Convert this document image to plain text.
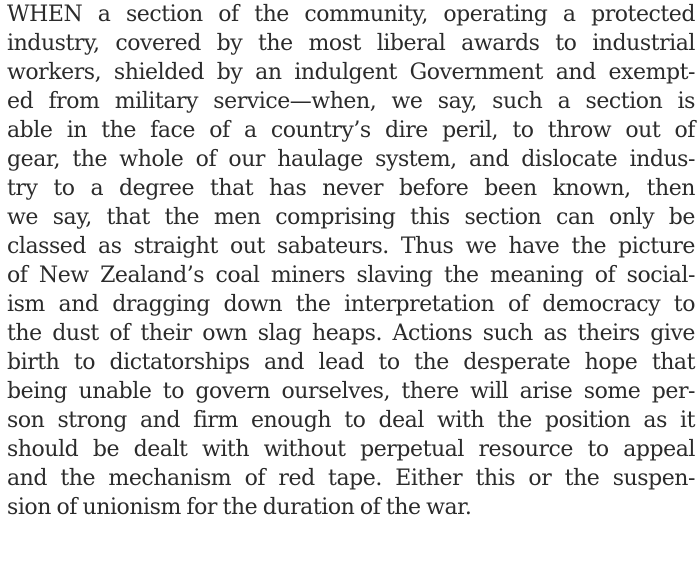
WHEN a section of the community, operating a protected
industry, covered by the most liberal awards to industrial
workers, shielded by an indulgent Government and exempt-
ed from military service—when, we say, such a section is
able in the face of a country’s dire peril, to throw out of
gear, the whole of our haulage system, and dislocate indus-
try to a degree that has never before been known, then
we say, that the men comprising this section can only be
classed as straight out sabateurs. Thus we have the picture
of New Zealand’s coal miners slaving the meaning of social-
ism and dragging down the interpretation of democracy to
the dust of their own slag heaps. Actions such as theirs give
birth to dictatorships and lead to the desperate hope that
being unable to govern ourselves, there will arise some per-
son strong and firm enough to deal with the position as it
should be dealt with without perpetual resource to appeal
and the mechanism of red tape. Either this or the suspen-
sion of unionism for the duration of the war.
